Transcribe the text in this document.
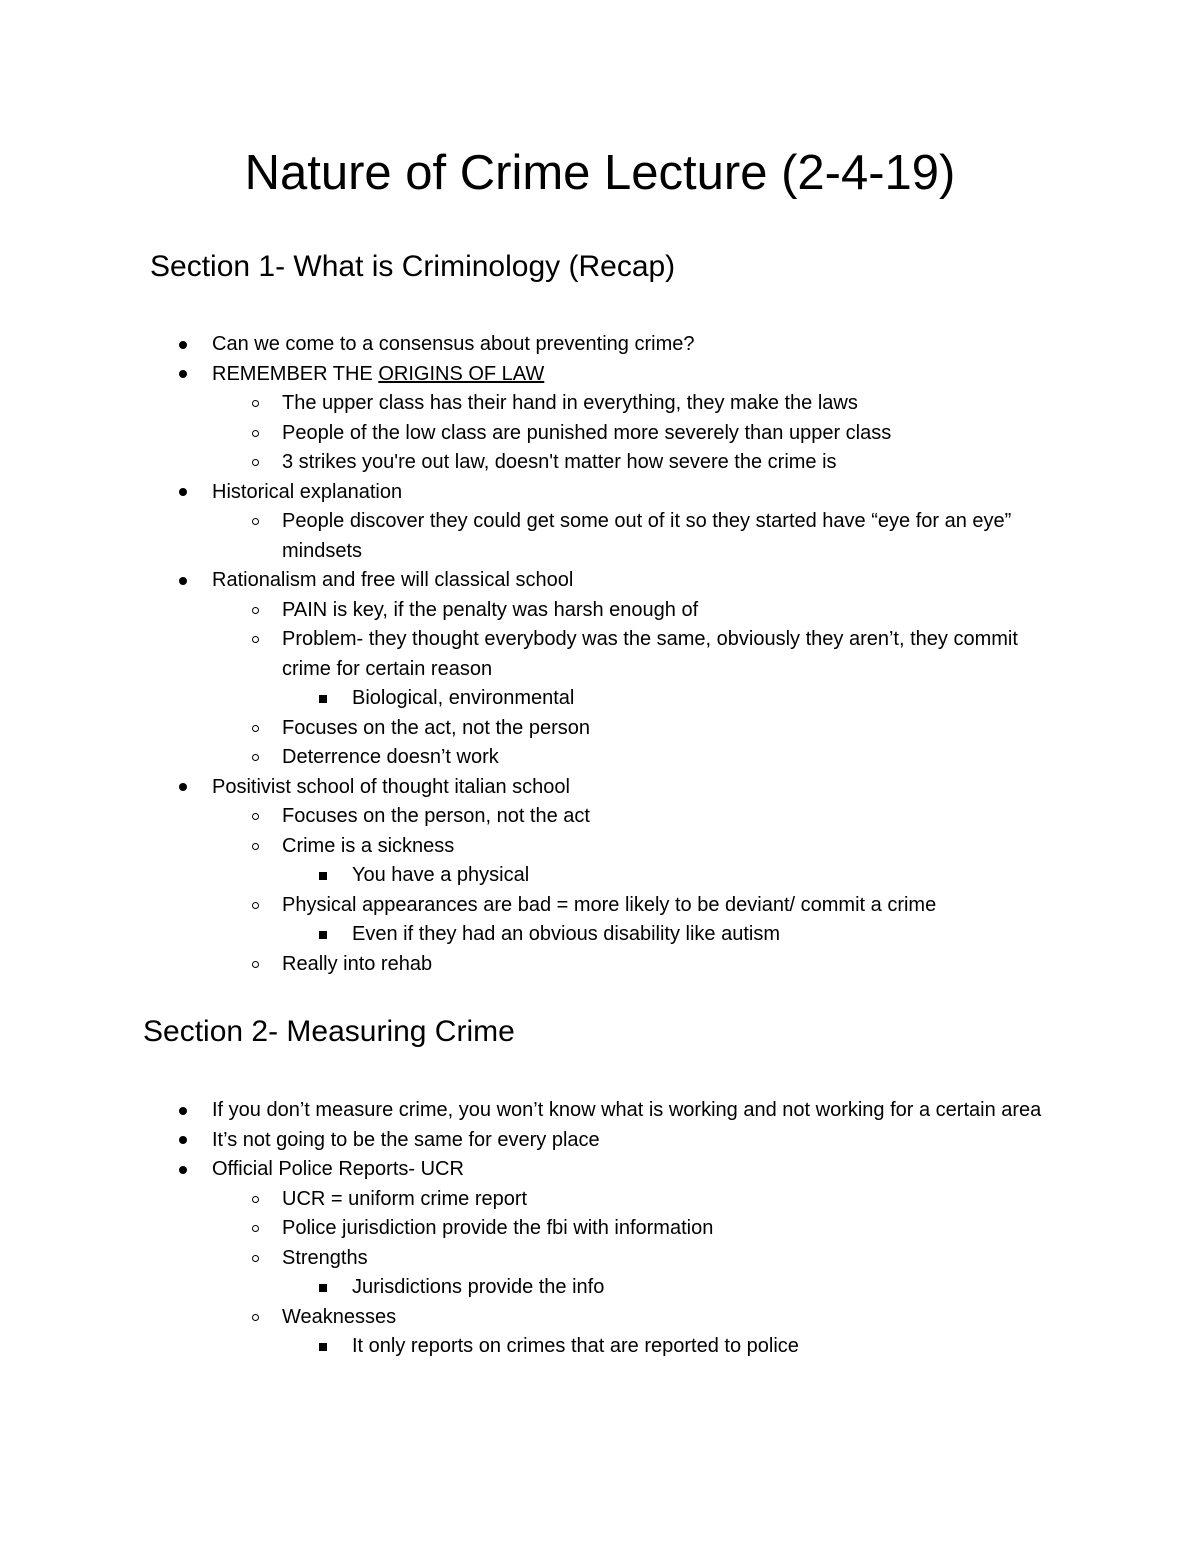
Nature of Crime Lecture (2-4-19)
Section 1- What is Criminology (Recap)
Can we come to a consensus about preventing crime?
REMEMBER THE ORIGINS OF LAW
The upper class has their hand in everything, they make the laws
People of the low class are punished more severely than upper class
3 strikes you're out law, doesn't matter how severe the crime is
Historical explanation
People discover they could get some out of it so they started have “eye for an eye” mindsets
Rationalism and free will classical school
PAIN is key, if the penalty was harsh enough of
Problem- they thought everybody was the same, obviously they aren’t, they commit crime for certain reason
Biological, environmental
Focuses on the act, not the person
Deterrence doesn’t work
Positivist school of thought italian school
Focuses on the person, not the act
Crime is a sickness
You have a physical
Physical appearances are bad = more likely to be deviant/ commit a crime
Even if they had an obvious disability like autism
Really into rehab
Section 2- Measuring Crime
If you don’t measure crime, you won’t know what is working and not working for a certain area
It’s not going to be the same for every place
Official Police Reports- UCR
UCR = uniform crime report
Police jurisdiction provide the fbi with information
Strengths
Jurisdictions provide the info
Weaknesses
It only reports on crimes that are reported to police
